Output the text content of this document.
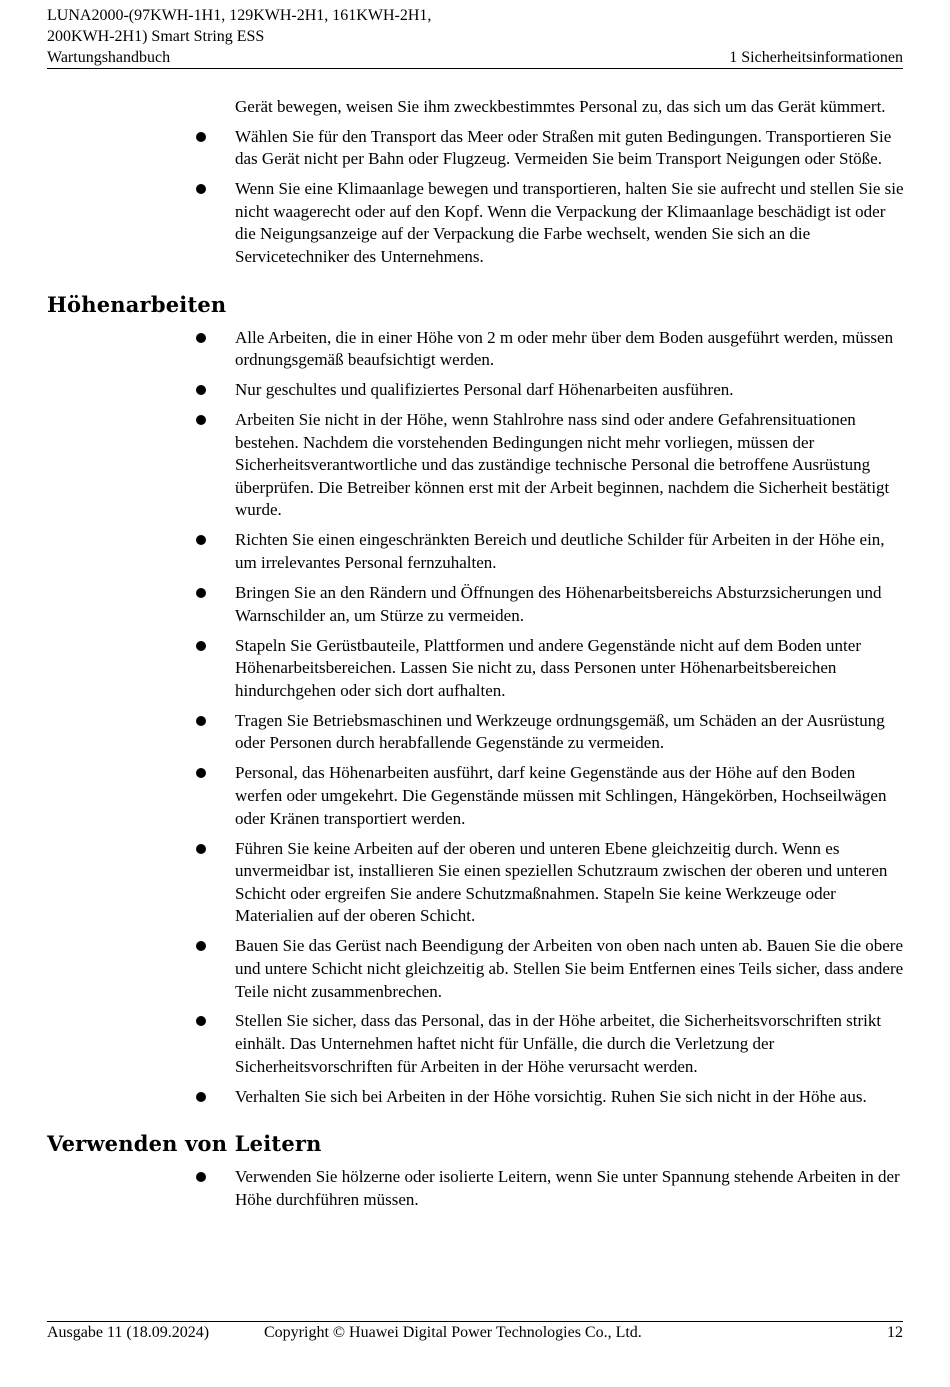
LUNA2000-(97KWH-1H1, 129KWH-2H1, 161KWH-2H1,
200KWH-2H1) Smart String ESS
Wartungshandbuch	1 Sicherheitsinformationen
Gerät bewegen, weisen Sie ihm zweckbestimmtes Personal zu, das sich um das Gerät kümmert.
Wählen Sie für den Transport das Meer oder Straßen mit guten Bedingungen. Transportieren Sie das Gerät nicht per Bahn oder Flugzeug. Vermeiden Sie beim Transport Neigungen oder Stöße.
Wenn Sie eine Klimaanlage bewegen und transportieren, halten Sie sie aufrecht und stellen Sie sie nicht waagerecht oder auf den Kopf. Wenn die Verpackung der Klimaanlage beschädigt ist oder die Neigungsanzeige auf der Verpackung die Farbe wechselt, wenden Sie sich an die Servicetechniker des Unternehmens.
Höhenarbeiten
Alle Arbeiten, die in einer Höhe von 2 m oder mehr über dem Boden ausgeführt werden, müssen ordnungsgemäß beaufsichtigt werden.
Nur geschultes und qualifiziertes Personal darf Höhenarbeiten ausführen.
Arbeiten Sie nicht in der Höhe, wenn Stahlrohre nass sind oder andere Gefahrensituationen bestehen. Nachdem die vorstehenden Bedingungen nicht mehr vorliegen, müssen der Sicherheitsverantwortliche und das zuständige technische Personal die betroffene Ausrüstung überprüfen. Die Betreiber können erst mit der Arbeit beginnen, nachdem die Sicherheit bestätigt wurde.
Richten Sie einen eingeschränkten Bereich und deutliche Schilder für Arbeiten in der Höhe ein, um irrelevantes Personal fernzuhalten.
Bringen Sie an den Rändern und Öffnungen des Höhenarbeitsbereichs Absturzsicherungen und Warnschilder an, um Stürze zu vermeiden.
Stapeln Sie Gerüstbauteile, Plattformen und andere Gegenstände nicht auf dem Boden unter Höhenarbeitsbereichen. Lassen Sie nicht zu, dass Personen unter Höhenarbeitsbereichen hindurchgehen oder sich dort aufhalten.
Tragen Sie Betriebsmaschinen und Werkzeuge ordnungsgemäß, um Schäden an der Ausrüstung oder Personen durch herabfallende Gegenstände zu vermeiden.
Personal, das Höhenarbeiten ausführt, darf keine Gegenstände aus der Höhe auf den Boden werfen oder umgekehrt. Die Gegenstände müssen mit Schlingen, Hängekörben, Hochseilwägen oder Kränen transportiert werden.
Führen Sie keine Arbeiten auf der oberen und unteren Ebene gleichzeitig durch. Wenn es unvermeidbar ist, installieren Sie einen speziellen Schutzraum zwischen der oberen und unteren Schicht oder ergreifen Sie andere Schutzmaßnahmen. Stapeln Sie keine Werkzeuge oder Materialien auf der oberen Schicht.
Bauen Sie das Gerüst nach Beendigung der Arbeiten von oben nach unten ab. Bauen Sie die obere und untere Schicht nicht gleichzeitig ab. Stellen Sie beim Entfernen eines Teils sicher, dass andere Teile nicht zusammenbrechen.
Stellen Sie sicher, dass das Personal, das in der Höhe arbeitet, die Sicherheitsvorschriften strikt einhält. Das Unternehmen haftet nicht für Unfälle, die durch die Verletzung der Sicherheitsvorschriften für Arbeiten in der Höhe verursacht werden.
Verhalten Sie sich bei Arbeiten in der Höhe vorsichtig. Ruhen Sie sich nicht in der Höhe aus.
Verwenden von Leitern
Verwenden Sie hölzerne oder isolierte Leitern, wenn Sie unter Spannung stehende Arbeiten in der Höhe durchführen müssen.
Ausgabe 11 (18.09.2024)	Copyright © Huawei Digital Power Technologies Co., Ltd.	12
